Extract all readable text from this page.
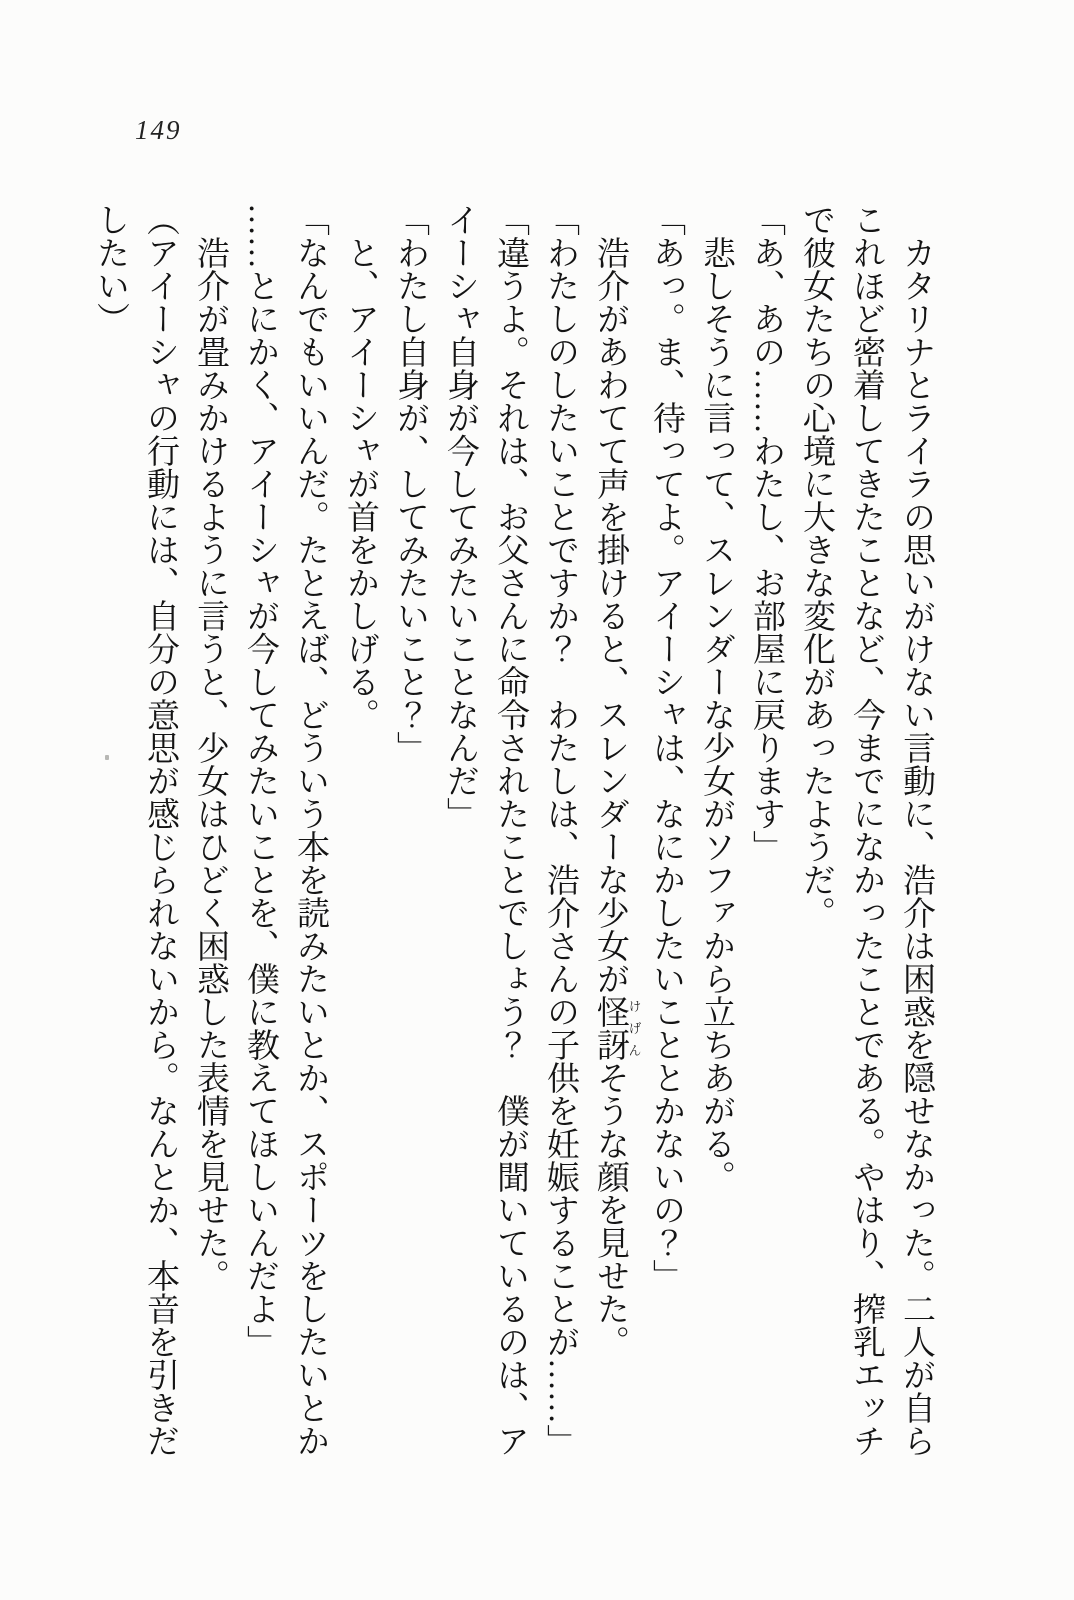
149
カタリナとライラの思いがけない言動に、浩介は困惑を隠せなかった。二人が自ら
これほど密着してきたことなど、今までになかったことである。やはり、搾乳エッチ
で彼女たちの心境に大きな変化があったようだ。
「あ、あの……わたし、お部屋に戻ります」
悲しそうに言って、スレンダーな少女がソファから立ちあがる。
「あっ。ま、待ってよ。アイーシャは、なにかしたいこととかないの？」
浩介があわてて声を掛けると、スレンダーな少女が怪訝けげんそうな顔を見せた。
「わたしのしたいことですか？　わたしは、浩介さんの子供を妊娠することが……」
「違うよ。それは、お父さんに命令されたことでしょう？　僕が聞いているのは、ア
イーシャ自身が今してみたいことなんだ」
「わたし自身が、してみたいこと？」
と、アイーシャが首をかしげる。
「なんでもいいんだ。たとえば、どういう本を読みたいとか、スポーツをしたいとか
……とにかく、アイーシャが今してみたいことを、僕に教えてほしいんだよ」
浩介が畳みかけるように言うと、少女はひどく困惑した表情を見せた。
（アイーシャの行動には、自分の意思が感じられないから。なんとか、本音を引きだ
したい）
